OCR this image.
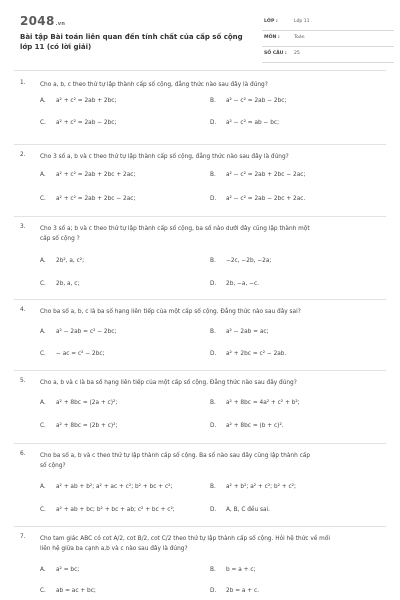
2048.vn
Bài tập Bài toán liên quan đến tính chất của cấp số cộng
lớp 11 (có lời giải)
LỚP :	Lớp 11
MÔN :	Toán
SỐ CÂU : 25
1. Cho a, b, c theo thứ tự lập thành cấp số cộng, đẳng thức nào sau đây là đúng?
A. a² + c² = 2ab + 2bc;	B. a² − c² = 2ab − 2bc;
C. a² + c² = 2ab − 2bc;	D. a² − c² = ab − bc;
2. Cho 3 số a, b và c theo thứ tự lập thành cấp số cộng, đẳng thức nào sau đây là đúng?
A. a² + c² = 2ab + 2bc + 2ac;	B. a² − c² = 2ab + 2bc − 2ac;
C. a² + c² = 2ab + 2bc − 2ac;	D. a² − c² = 2ab − 2bc + 2ac.
3. Cho 3 số a; b và c theo thứ tự lập thành cấp số cộng, ba số nào dưới đây cũng lập thành một
cấp số cộng ?
A. 2b², a, c²;	B. −2c, −2b, −2a;
C. 2b, a, c;	D. 2b, −a, −c.
4. Cho ba số a, b, c là ba số hạng liên tiếp của một cấp số cộng. Đẳng thức nào sau đây sai?
A. a² − 2ab = c² − 2bc;	B. a² − 2ab = ac;
C. − ac = c² − 2bc;	D. a² + 2bc = c² − 2ab.
5. Cho a, b và c là ba số hạng liên tiếp của một cấp số cộng. Đẳng thức nào sau đây đúng?
A. a² + 8bc = (2a + c)²;	B. a² + 8bc = 4a² + c² + b²;
C. a² + 8bc = (2b + c)²;	D. a² + 8bc = (b + c)².
6. Cho ba số a, b và c theo thứ tự lập thành cấp số cộng. Ba số nào sau đây cũng lập thành cấp
số cộng?
A. a² + ab + b²; a² + ac + c²; b² + bc + c²;	B. a² + b²; a² + c²; b² + c²;
C. a² + ab + bc; b² + bc + ab; c² + bc + c²;	D. A, B, C đều sai.
7. Cho tam giác ABC có cot A/2, cot B/2, cot C/2 theo thứ tự lập thành cấp số cộng. Hỏi hệ thức về mối
liên hệ giữa ba cạnh a,b và c nào sau đây là đúng?
A. a² = bc;	B. b = a + c;
C. ab = ac + bc;	D. 2b = a + c.
